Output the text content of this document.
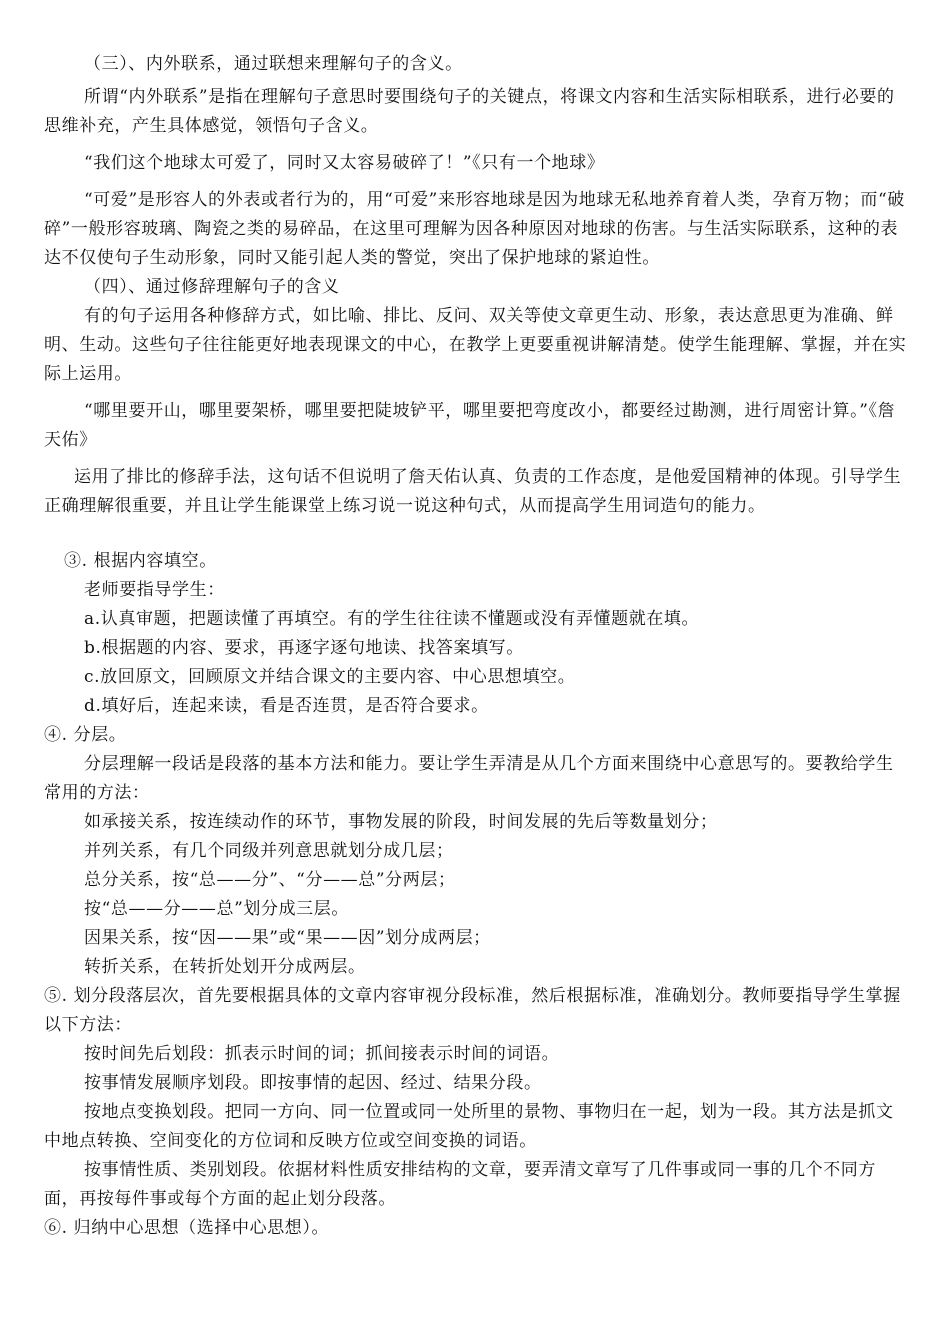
（三）、内外联系，通过联想来理解句子的含义。
所谓“内外联系”是指在理解句子意思时要围绕句子的关键点，将课文内容和生活实际相联系，进行必要的思维补充，产生具体感觉，领悟句子含义。
“我们这个地球太可爱了，同时又太容易破碎了！”《只有一个地球》
“可爱”是形容人的外表或者行为的，用“可爱”来形容地球是因为地球无私地养育着人类，孕育万物；而“破碎”一般形容玻璃、陶瓷之类的易碎品，在这里可理解为因各种原因对地球的伤害。与生活实际联系，这种的表达不仅使句子生动形象，同时又能引起人类的警觉，突出了保护地球的紧迫性。
（四）、通过修辞理解句子的含义
有的句子运用各种修辞方式，如比喻、排比、反问、双关等使文章更生动、形象，表达意思更为准确、鲜明、生动。这些句子往往能更好地表现课文的中心，在教学上更要重视讲解清楚。使学生能理解、掌握，并在实际上运用。
“哪里要开山，哪里要架桥，哪里要把陡坡铲平，哪里要把弯度改小，都要经过勘测，进行周密计算。”《詹天佑》
运用了排比的修辞手法，这句话不但说明了詹天佑认真、负责的工作态度，是他爱国精神的体现。引导学生正确理解很重要，并且让学生能课堂上练习说一说这种句式，从而提高学生用词造句的能力。
③. 根据内容填空。
老师要指导学生：
a.认真审题，把题读懂了再填空。有的学生往往读不懂题或没有弄懂题就在填。
b.根据题的内容、要求，再逐字逐句地读、找答案填写。
c.放回原文，回顾原文并结合课文的主要内容、中心思想填空。
d.填好后，连起来读，看是否连贯，是否符合要求。
④. 分层。
分层理解一段话是段落的基本方法和能力。要让学生弄清是从几个方面来围绕中心意思写的。要教给学生常用的方法：
如承接关系，按连续动作的环节，事物发展的阶段，时间发展的先后等数量划分；
并列关系，有几个同级并列意思就划分成几层；
总分关系，按“总——分”、“分——总”分两层；
按“总——分——总”划分成三层。
因果关系，按“因——果”或“果——因”划分成两层；
转折关系，在转折处划开分成两层。
⑤. 划分段落层次，首先要根据具体的文章内容审视分段标准，然后根据标准，准确划分。教师要指导学生掌握以下方法：
按时间先后划段：抓表示时间的词；抓间接表示时间的词语。
按事情发展顺序划段。即按事情的起因、经过、结果分段。
按地点变换划段。把同一方向、同一位置或同一处所里的景物、事物归在一起，划为一段。其方法是抓文中地点转换、空间变化的方位词和反映方位或空间变换的词语。
按事情性质、类别划段。依据材料性质安排结构的文章，要弄清文章写了几件事或同一事的几个不同方面，再按每件事或每个方面的起止划分段落。
⑥. 归纳中心思想（选择中心思想）。
